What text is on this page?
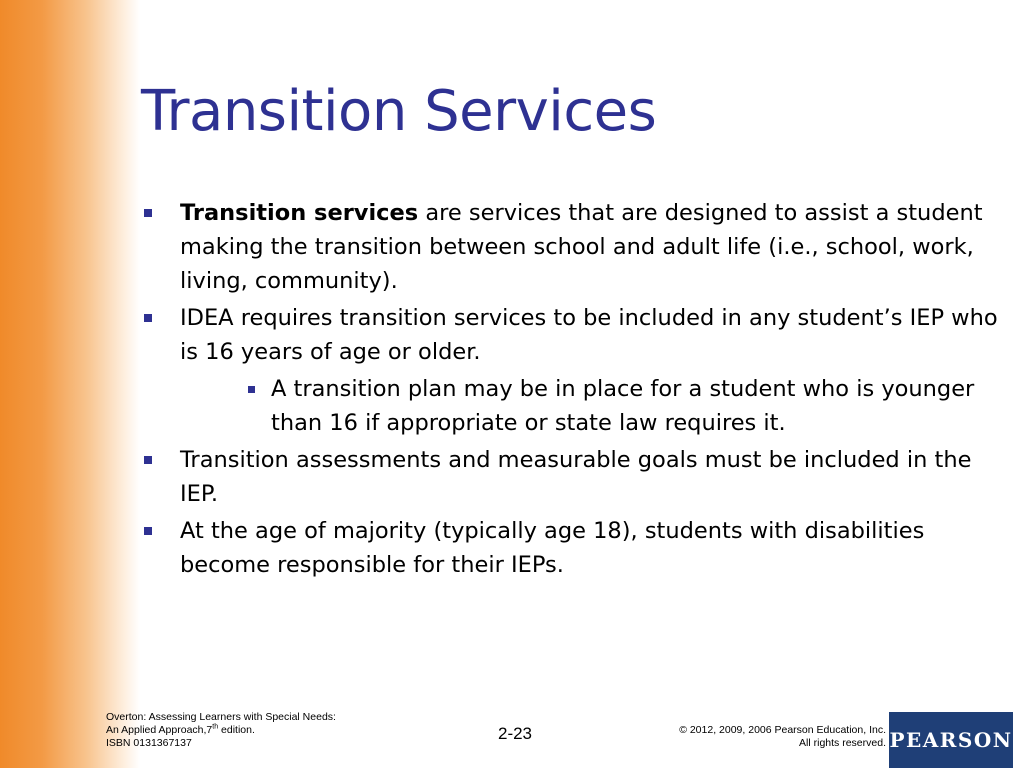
Transition Services
Transition services are services that are designed to assist a student making the transition between school and adult life (i.e., school, work, living, community).
IDEA requires transition services to be included in any student’s IEP who is 16 years of age or older.
A transition plan may be in place for a student who is younger than 16 if appropriate or state law requires it.
Transition assessments and measurable goals must be included in the IEP.
At the age of majority (typically age 18), students with disabilities become responsible for their IEPs.
Overton: Assessing Learners with Special Needs:
An Applied Approach,7th edition.
ISBN 0131367137	2-23	© 2012, 2009, 2006 Pearson Education, Inc.
All rights reserved. PEARSON
